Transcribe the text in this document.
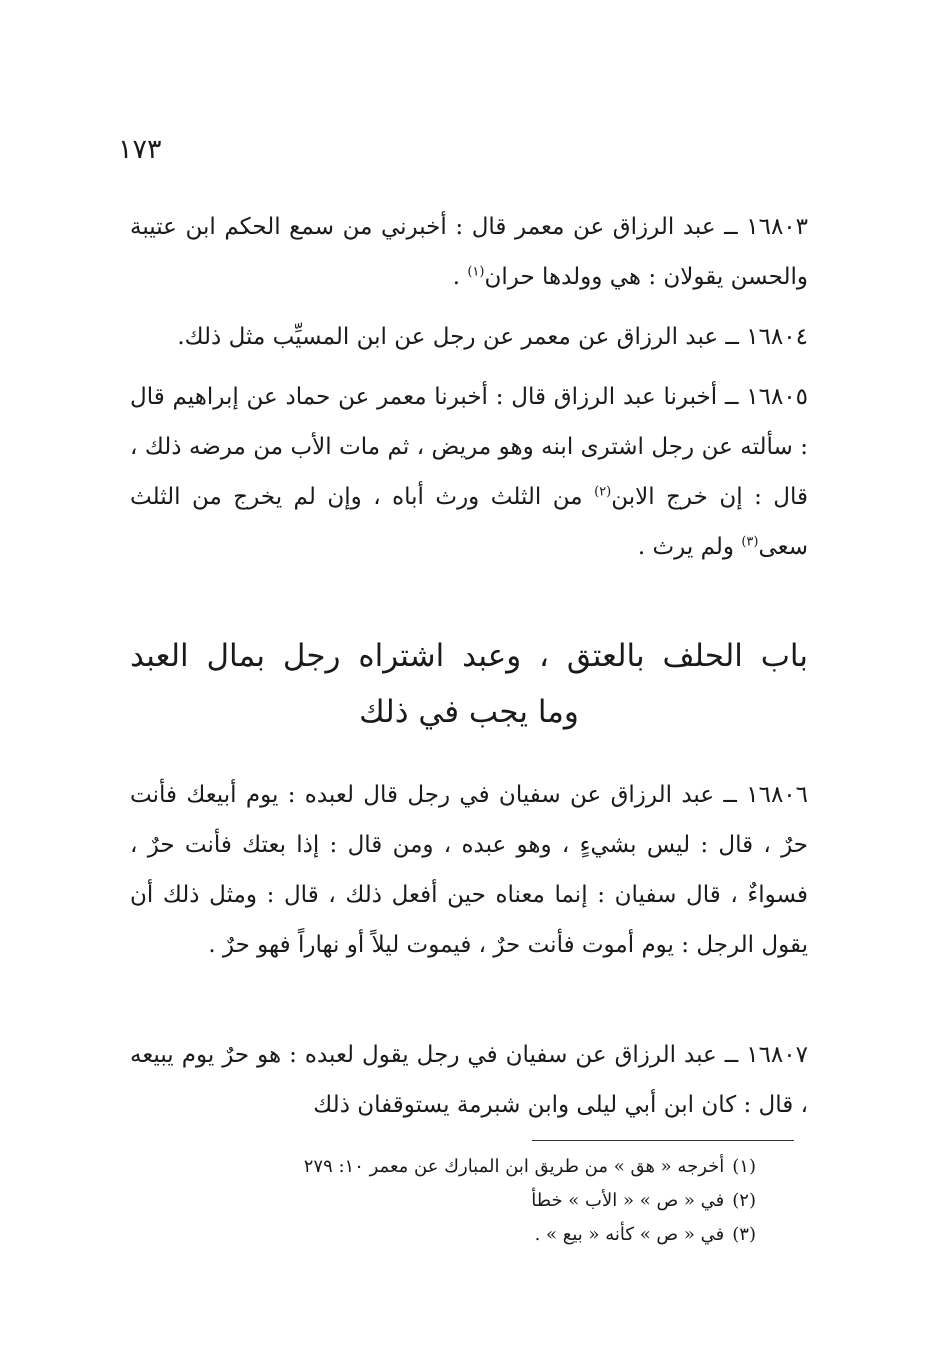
١٧٣
١٦٨٠٣ ــ عبد الرزاق عن معمر قال : أخبرني من سمع الحكم ابن عتيبة والحسن يقولان : هي وولدها حران$^{(١)}$ .
١٦٨٠٤ ــ عبد الرزاق عن معمر عن رجل عن ابن المسيِّب مثل ذلك.
١٦٨٠٥ ــ أخبرنا عبد الرزاق قال : أخبرنا معمر عن حماد عن إبراهيم قال : سألته عن رجل اشترى ابنه وهو مريض ، ثم مات الأب من مرضه ذلك ، قال : إن خرج الابن$^{(٢)}$ من الثلث ورث أباه ، وإن لم يخرج من الثلث سعى$^{(٣)}$ ولم يرث .
باب الحلف بالعتق ، وعبد اشتراه رجل بمال العبد
وما يجب في ذلك
١٦٨٠٦ ــ عبد الرزاق عن سفيان في رجل قال لعبده : يوم أبيعك فأنت حرٌ ، قال : ليس بشيءٍ ، وهو عبده ، ومن قال : إذا بعتك فأنت حرٌ ، فسواءٌ ، قال سفيان : إنما معناه حين أفعل ذلك ، قال : ومثل ذلك أن يقول الرجل : يوم أموت فأنت حرٌ ، فيموت ليلاً أو نهاراً فهو حرٌ .
١٦٨٠٧ ــ عبد الرزاق عن سفيان في رجل يقول لعبده : هو حرٌ يوم يبيعه ، قال : كان ابن أبي ليلى وابن شبرمة يستوقفان ذلك
(١)أخرجه « هق » من طريق ابن المبارك عن معمر ١٠: ٢٧٩
(٢)في « ص » « الأب » خطأ
(٣)في « ص » كأنه « بيع » .
